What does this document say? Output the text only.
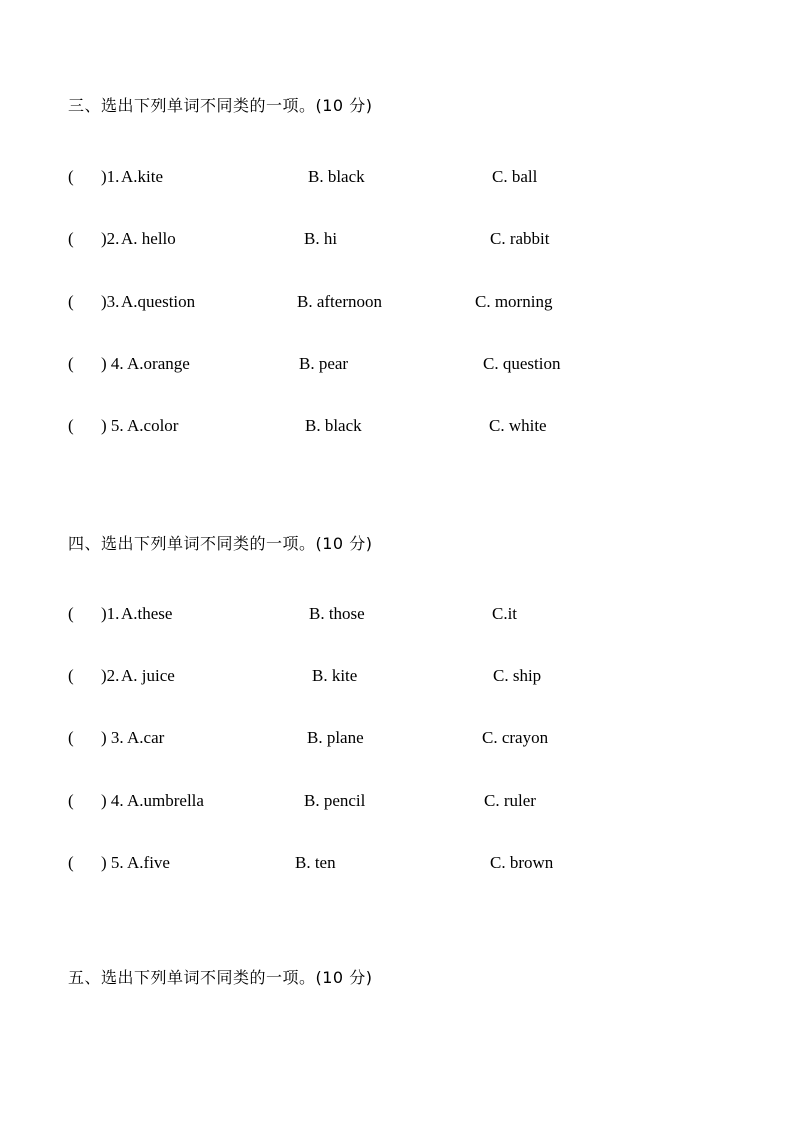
三、选出下列单词不同类的一项。(10 分)
( )1. A.kite	B. black	C. ball
( )2. A. hello	B. hi	C. rabbit
( )3. A.question	B. afternoon	C. morning
( ) 4. A.orange	B. pear	C. question
( ) 5. A.color	B. black	C. white
四、选出下列单词不同类的一项。(10 分)
( )1. A.these	B. those	C.it
( )2. A. juice	B. kite	C. ship
( ) 3. A.car	B. plane	C. crayon
( ) 4. A.umbrella	B. pencil	C. ruler
( ) 5. A.five	B. ten	C. brown
五、选出下列单词不同类的一项。(10 分)
